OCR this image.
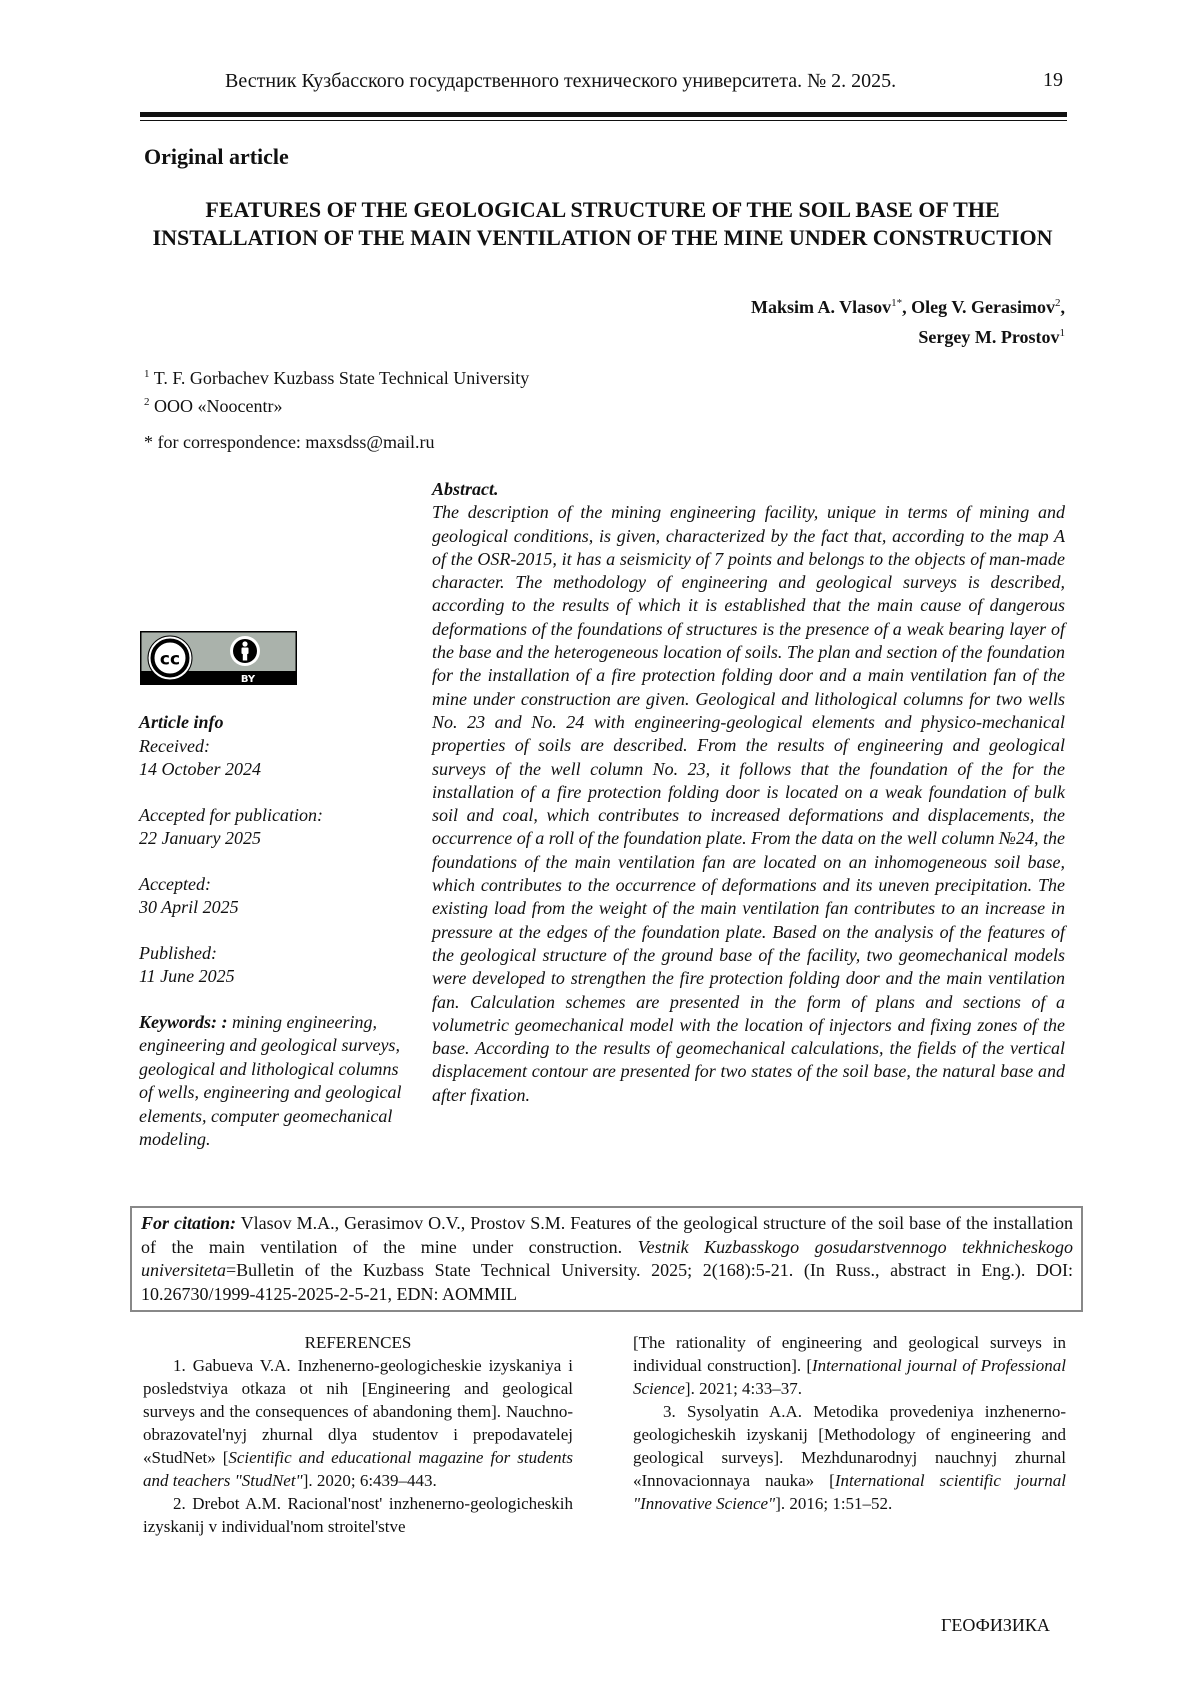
Вестник Кузбасского государственного технического университета. № 2. 2025.	19
Original article
FEATURES OF THE GEOLOGICAL STRUCTURE OF THE SOIL BASE OF THE INSTALLATION OF THE MAIN VENTILATION OF THE MINE UNDER CONSTRUCTION
Maksim A. Vlasov$^{1*}$, Oleg V. Gerasimov$^2$,
Sergey M. Prostov$^1$
$^1$ T. F. Gorbachev Kuzbass State Technical University
$^2$ OOO «Noocentr»
* for correspondence: maxsdss@mail.ru
BY
cc

Article info

Received:
14 October 2024

Accepted for publication:
22 January 2025

Accepted:
30 April 2025

Published:
11 June 2025

Keywords: : mining engineering, engineering and geological surveys, geological and lithological columns of wells, engineering and geological elements, computer geomechanical modeling.

Abstract.
The description of the mining engineering facility, unique in terms of mining and geological conditions, is given, characterized by the fact that, according to the map A of the OSR-2015, it has a seismicity of 7 points and belongs to the objects of man-made character. The methodology of engineering and geological surveys is described, according to the results of which it is established that the main cause of dangerous deformations of the foundations of structures is the presence of a weak bearing layer of the base and the heterogeneous location of soils. The plan and section of the foundation for the installation of a fire protection folding door and a main ventilation fan of the mine under construction are given. Geological and lithological columns for two wells No. 23 and No. 24 with engineering-geological elements and physico-mechanical properties of soils are described. From the results of engineering and geological surveys of the well column No. 23, it follows that the foundation of the for the installation of a fire protection folding door is located on a weak foundation of bulk soil and coal, which contributes to increased deformations and displacements, the occurrence of a roll of the foundation plate. From the data on the well column №24, the foundations of the main ventilation fan are located on an inhomogeneous soil base, which contributes to the occurrence of deformations and its uneven precipitation. The existing load from the weight of the main ventilation fan contributes to an increase in pressure at the edges of the foundation plate. Based on the analysis of the features of the geological structure of the ground base of the facility, two geomechanical models were developed to strengthen the fire protection folding door and the main ventilation fan. Calculation schemes are presented in the form of plans and sections of a volumetric geomechanical model with the location of injectors and fixing zones of the base. According to the results of geomechanical calculations, the fields of the vertical displacement contour are presented for two states of the soil base, the natural base and after fixation.
For citation: Vlasov M.A., Gerasimov O.V., Prostov S.M. Features of the geological structure of the soil base of the installation of the main ventilation of the mine under construction. Vestnik Kuzbasskogo gosudarstvennogo tekhnicheskogo universiteta=Bulletin of the Kuzbass State Technical University. 2025; 2(168):5-21. (In Russ., abstract in Eng.). DOI: 10.26730/1999-4125-2025-2-5-21, EDN: AOMMIL

REFERENCES

1. Gabueva V.A. Inzhenerno-geologicheskie izyskaniya i posledstviya otkaza ot nih [Engineering and geological surveys and the consequences of abandoning them]. Nauchno-obrazovatel'nyj zhurnal dlya studentov i prepodavatelej «StudNet» [Scientific and educational magazine for students and teachers "StudNet"]. 2020; 6:439–443.

2. Drebot A.M. Racional'nost' inzhenerno-geologicheskih izyskanij v individual'nom stroitel'stve

[The rationality of engineering and geological surveys in individual construction]. [International journal of Professional Science]. 2021; 4:33–37.

3. Sysolyatin A.A. Metodika provedeniya inzhenerno-geologicheskih izyskanij [Methodology of engineering and geological surveys]. Mezhdunarodnyj nauchnyj zhurnal «Innovacionnaya nauka» [International scientific journal "Innovative Science"]. 2016; 1:51–52.

ГЕОФИЗИКА
